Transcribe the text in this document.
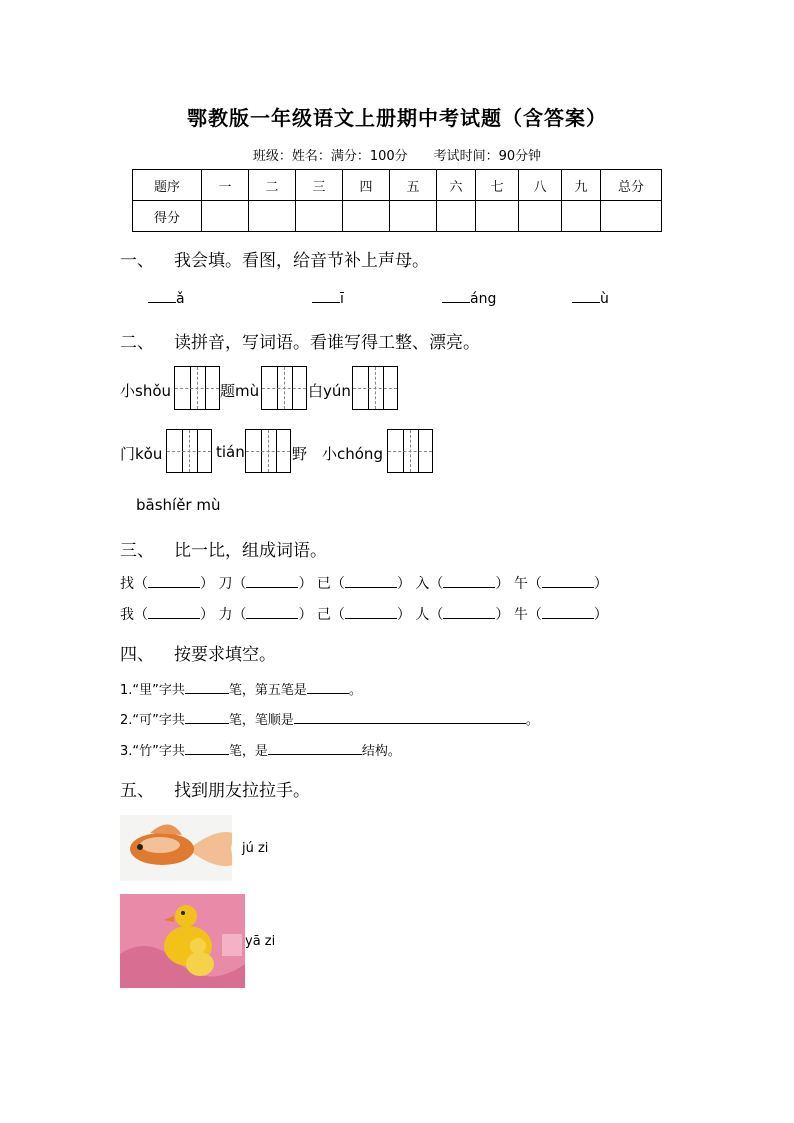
鄂教版一年级语文上册期中考试题（含答案）
班级：姓名：满分：100分　　考试时间：90分钟
题序	一	二	三	四	五	六	七	八	九	总分
得分										
一、 我会填。看图，给音节补上声母。
ǎ	ī	áng	ù
二、 读拼音，写词语。看谁写得工整、漂亮。
小shǒu	题mù	白yún
门kǒu	tián	野 小chóng
bāshíěr mù
三、 比一比，组成词语。
找（	） 刀（	） 已（	） 入（	） 午（	）
我（	） 力（	） 己（	） 人（	） 牛（	）
四、 按要求填空。
1.“里”字共	笔，第五笔是	。
2.“可”字共	笔，笔顺是	。
3.“竹”字共	笔，是	结构。
五、 找到朋友拉拉手。
jú zi
yā zi
